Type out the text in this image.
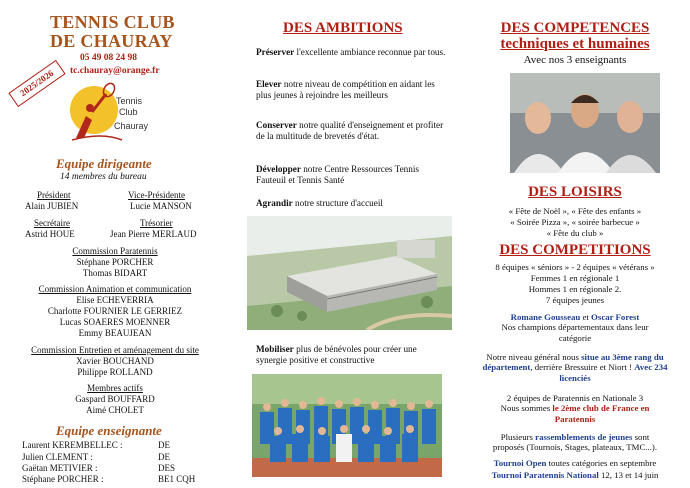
TENNIS CLUB
DE CHAURAY
05 49 08 24 98
tc.chauray@orange.fr
2025/2026
Tennis
Club
Chauray
Equipe dirigeante
14 membres du bureau
Président
Alain JUBIEN
Vice-Présidente
Lucie MANSON
Secrétaire
Astrid HOUE
Trésorier
Jean Pierre MERLAUD
Commission Paratennis
Stéphane PORCHER
Thomas BIDART
Commission Animation et communication
Elise ECHEVERRIA
Charlotte FOURNIER LE GERRIEZ
Lucas SOAERES MOENNER
Emmy BEAUJEAN
Commission Entretien et aménagement du site
Xavier BOUCHAND
Philippe ROLLAND
Membres actifs
Gaspard BOUFFARD
Aimé CHOLET
Equipe enseignante
Laurent KEREMBELLEC :	DE
Julien CLEMENT :	DE
Gaëtan METIVIER :	DES
Stéphane PORCHER :	BE1 CQH
DES AMBITIONS
Préserver l'excellente ambiance reconnue par tous.
Elever notre niveau de compétition en aidant les plus jeunes à rejoindre les meilleurs
Conserver notre qualité d'enseignement et profiter de la multitude de brevetés d'état.
Développer notre Centre Ressources Tennis Fauteuil et Tennis Santé
Agrandir notre structure d'accueil
Mobiliser plus de bénévoles pour créer une synergie positive et constructive
DES COMPETENCES
techniques et humaines
Avec nos 3 enseignants
DES LOISIRS
« Fête de Noël », « Fête des enfants »
« Soirée Pizza », « soirée barbecue »
« Fête du club »
DES COMPETITIONS
8 équipes « séniors » - 2 équipes « vétérans »
Femmes 1 en régionale 1
Hommes 1 en régionale 2.
7 équipes jeunes
Romane Gousseau et Oscar Forest
Nos champions départementaux dans leur catégorie
Notre niveau général nous situe au 3ème rang du département, derrière Bressuire et Niort ! Avec 234 licenciés
2 équipes de Paratennis en Nationale 3
Nous sommes le 2ème club de France en Paratennis
Plusieurs rassemblements de jeunes sont proposés (Tournois, Stages, plateaux, TMC...).
Tournoi Open toutes catégories en septembre
Tournoi Paratennis National 12, 13 et 14 juin
